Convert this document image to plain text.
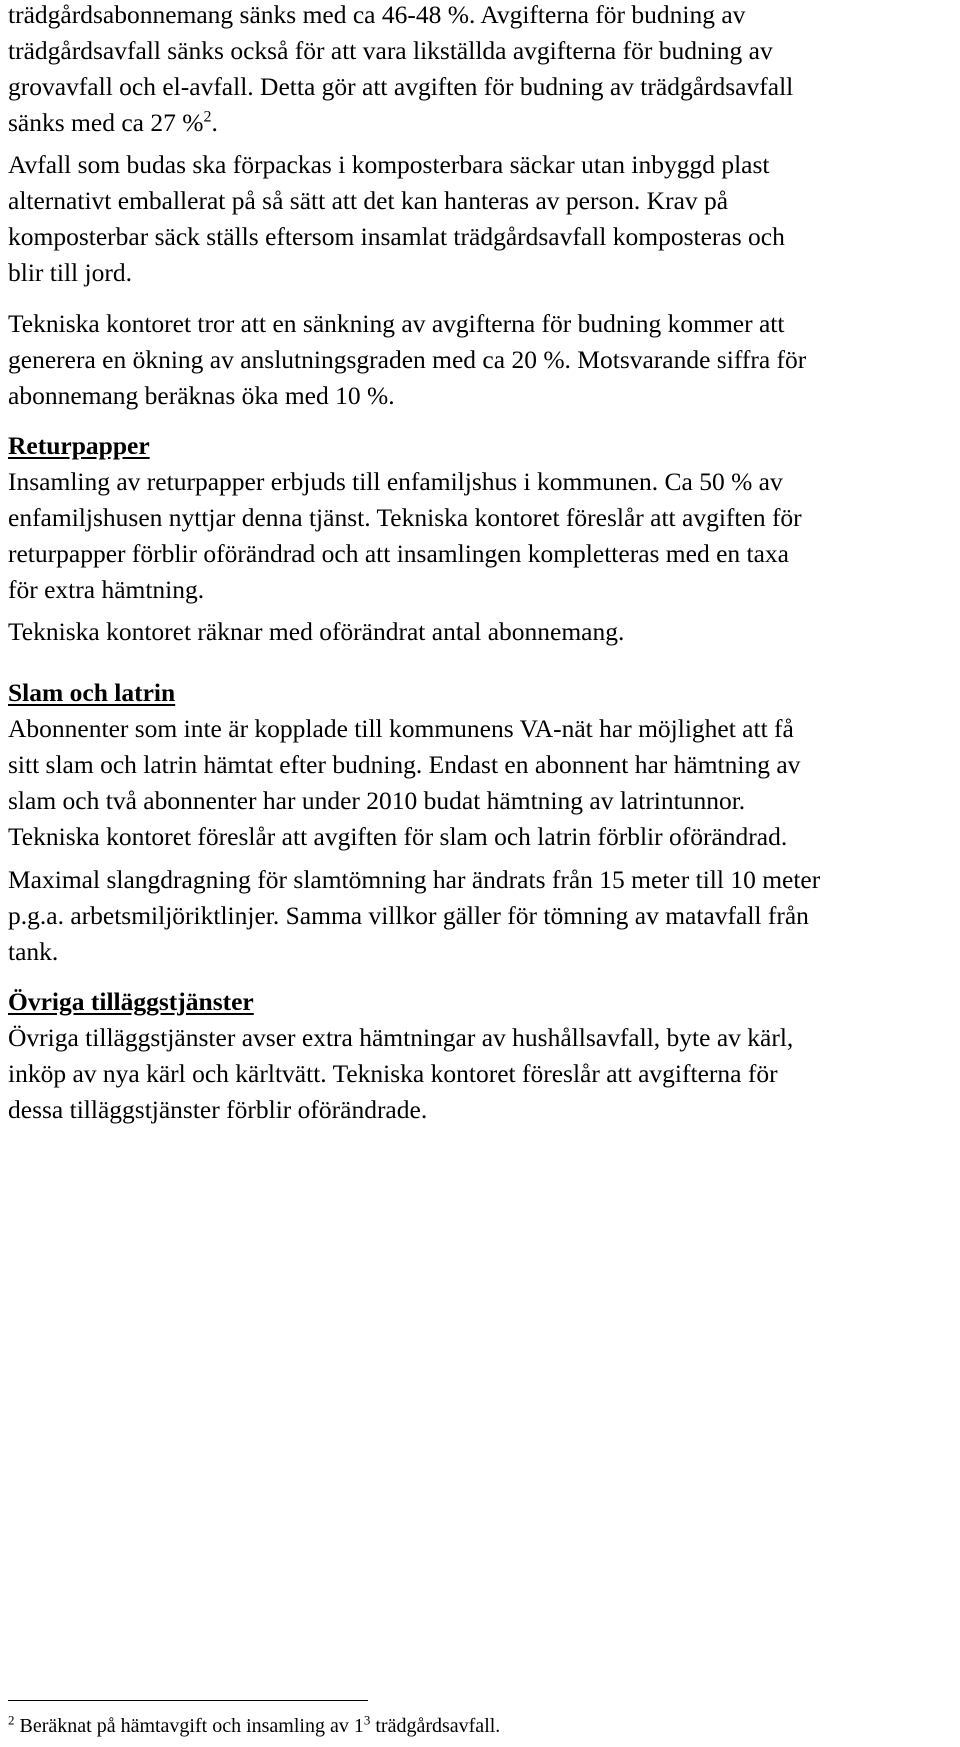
trädgårdsabonnemang sänks med ca 46-48 %. Avgifterna för budning av
trädgårdsavfall sänks också för att vara likställda avgifterna för budning av
grovavfall och el-avfall. Detta gör att avgiften för budning av trädgårdsavfall
sänks med ca 27 %$^2$.

Avfall som budas ska förpackas i komposterbara säckar utan inbyggd plast
alternativt emballerat på så sätt att det kan hanteras av person. Krav på
komposterbar säck ställs eftersom insamlat trädgårdsavfall komposteras och
blir till jord.

Tekniska kontoret tror att en sänkning av avgifterna för budning kommer att
generera en ökning av anslutningsgraden med ca 20 %. Motsvarande siffra för
abonnemang beräknas öka med 10 %.

Returpapper
Insamling av returpapper erbjuds till enfamiljshus i kommunen. Ca 50 % av
enfamiljshusen nyttjar denna tjänst. Tekniska kontoret föreslår att avgiften för
returpapper förblir oförändrad och att insamlingen kompletteras med en taxa
för extra hämtning.

Tekniska kontoret räknar med oförändrat antal abonnemang.

Slam och latrin
Abonnenter som inte är kopplade till kommunens VA-nät har möjlighet att få
sitt slam och latrin hämtat efter budning. Endast en abonnent har hämtning av
slam och två abonnenter har under 2010 budat hämtning av latrintunnor.
Tekniska kontoret föreslår att avgiften för slam och latrin förblir oförändrad.

Maximal slangdragning för slamtömning har ändrats från 15 meter till 10 meter
p.g.a. arbetsmiljöriktlinjer. Samma villkor gäller för tömning av matavfall från
tank.

Övriga tilläggstjänster
Övriga tilläggstjänster avser extra hämtningar av hushållsavfall, byte av kärl,
inköp av nya kärl och kärltvätt. Tekniska kontoret föreslår att avgifterna för
dessa tilläggstjänster förblir oförändrade.

$^2$ Beräknat på hämtavgift och insamling av $1^3$ trädgårdsavfall.
